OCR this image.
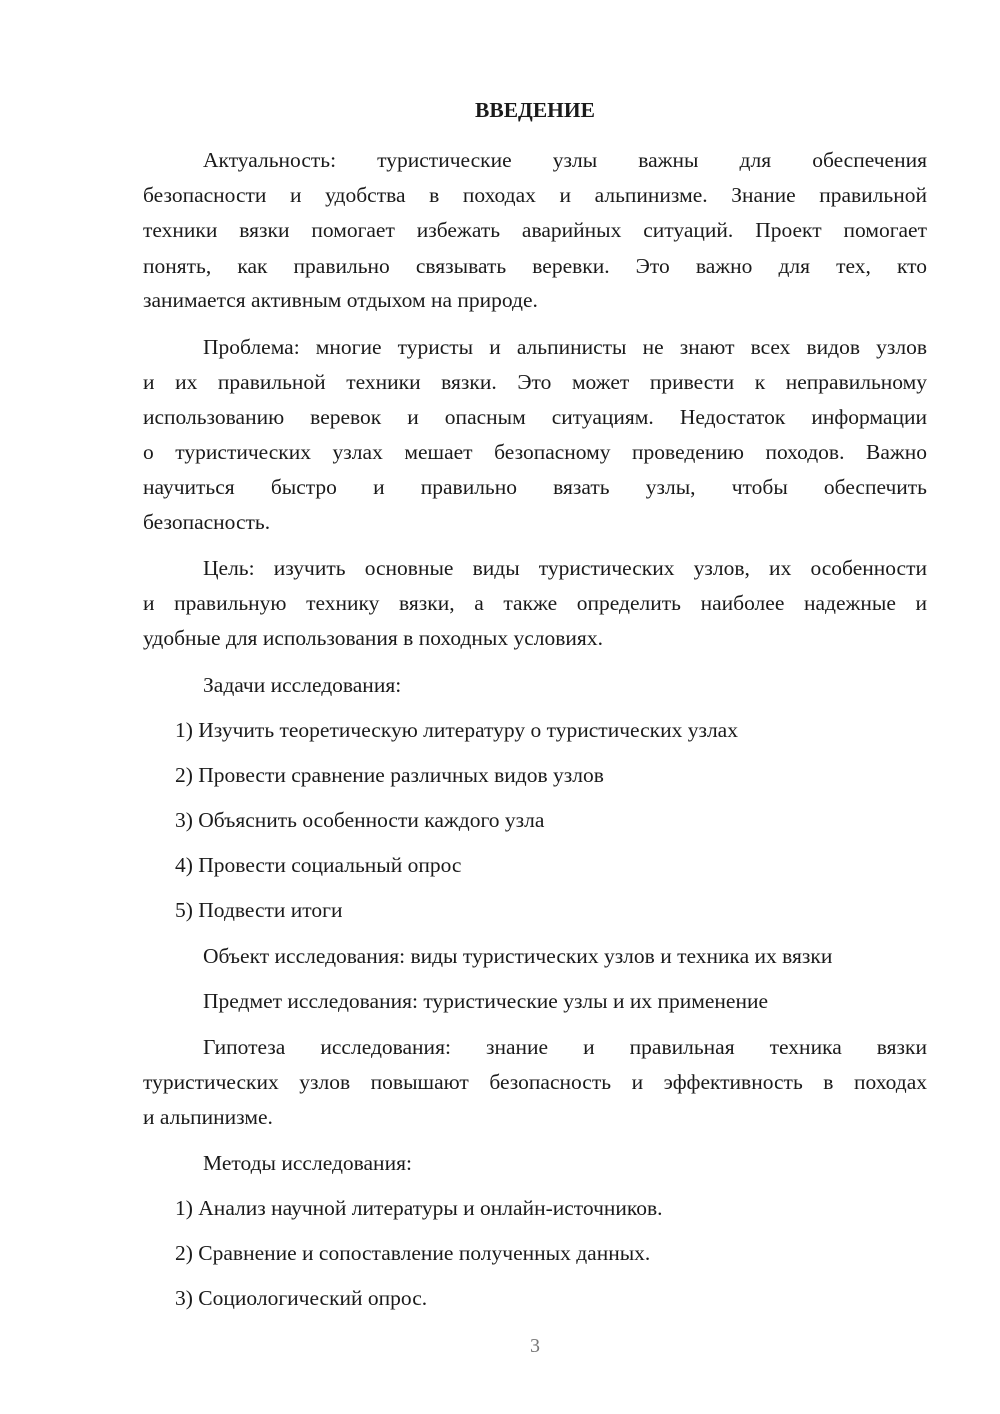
ВВЕДЕНИЕ
Актуальность: туристические узлы важны для обеспечения
безопасности и удобства в походах и альпинизме. Знание правильной
техники вязки помогает избежать аварийных ситуаций. Проект помогает
понять, как правильно связывать веревки. Это важно для тех, кто
занимается активным отдыхом на природе.
Проблема: многие туристы и альпинисты не знают всех видов узлов
и их правильной техники вязки. Это может привести к неправильному
использованию веревок и опасным ситуациям. Недостаток информации
о туристических узлах мешает безопасному проведению походов. Важно
научиться быстро и правильно вязать узлы, чтобы обеспечить
безопасность.
Цель: изучить основные виды туристических узлов, их особенности
и правильную технику вязки, а также определить наиболее надежные и
удобные для использования в походных условиях.
Задачи исследования:
1) Изучить теоретическую литературу о туристических узлах
2) Провести сравнение различных видов узлов
3) Объяснить особенности каждого узла
4) Провести социальный опрос
5) Подвести итоги
Объект исследования: виды туристических узлов и техника их вязки
Предмет исследования: туристические узлы и их применение
Гипотеза исследования: знание и правильная техника вязки
туристических узлов повышают безопасность и эффективность в походах
и альпинизме.
Методы исследования:
1) Анализ научной литературы и онлайн-источников.
2) Сравнение и сопоставление полученных данных.
3) Социологический опрос.
3
